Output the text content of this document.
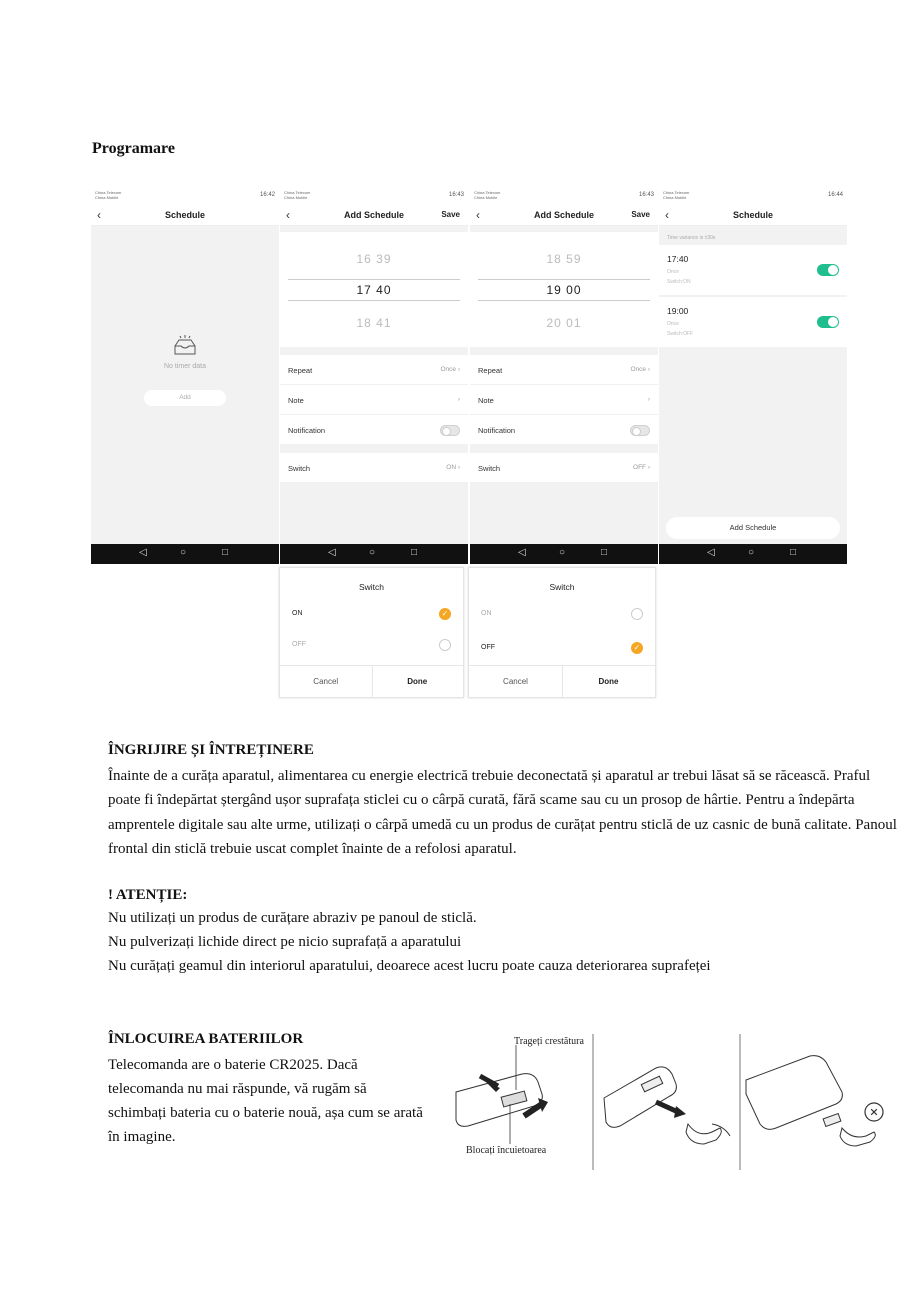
Programare
China Telecom
China Mobile	16:42
‹	Schedule
No timer data
Add
◁	○	□
China Telecom
China Mobile	16:43
‹	Add Schedule	Save
16 39
17 40
18 41
Repeat	Once ›
Note	›
Notification
Switch	ON ›
◁	○	□
China Telecom
China Mobile	16:43
‹	Add Schedule	Save
18 59
19 00
20 01
Repeat	Once ›
Note	›
Notification
Switch	OFF ›
◁	○	□
China Telecom
China Mobile	16:44
‹	Schedule
Time variance is ±30s
17:40
Once
Switch:ON
19:00
Once
Switch:OFF
Add Schedule
◁	○	□
Switch
ON	✓
OFF
Cancel	Done
Switch
ON
OFF	✓
Cancel	Done
ÎNGRIJIRE ȘI ÎNTREȚINERE
Înainte de a curăța aparatul, alimentarea cu energie electrică trebuie deconectată și aparatul ar trebui lăsat să se răcească. Praful poate fi îndepărtat ștergând ușor suprafața sticlei cu o cârpă curată, fără scame sau cu un prosop de hârtie. Pentru a îndepărta amprentele digitale sau alte urme, utilizați o cârpă umedă cu un produs de curățat pentru sticlă de uz casnic de bună calitate. Panoul frontal din sticlă trebuie uscat complet înainte de a refolosi aparatul.
! ATENȚIE:
Nu utilizați un produs de curățare abraziv pe panoul de sticlă.
Nu pulverizați lichide direct pe nicio suprafață a aparatului
Nu curățați geamul din interiorul aparatului, deoarece acest lucru poate cauza deteriorarea suprafeței
ÎNLOCUIREA BATERIILOR
Telecomanda are o baterie CR2025. Dacă telecomanda nu mai răspunde, vă rugăm să schimbați bateria cu o baterie nouă, așa cum se arată în imagine.
Trageți crestătura
Blocați încuietoarea
